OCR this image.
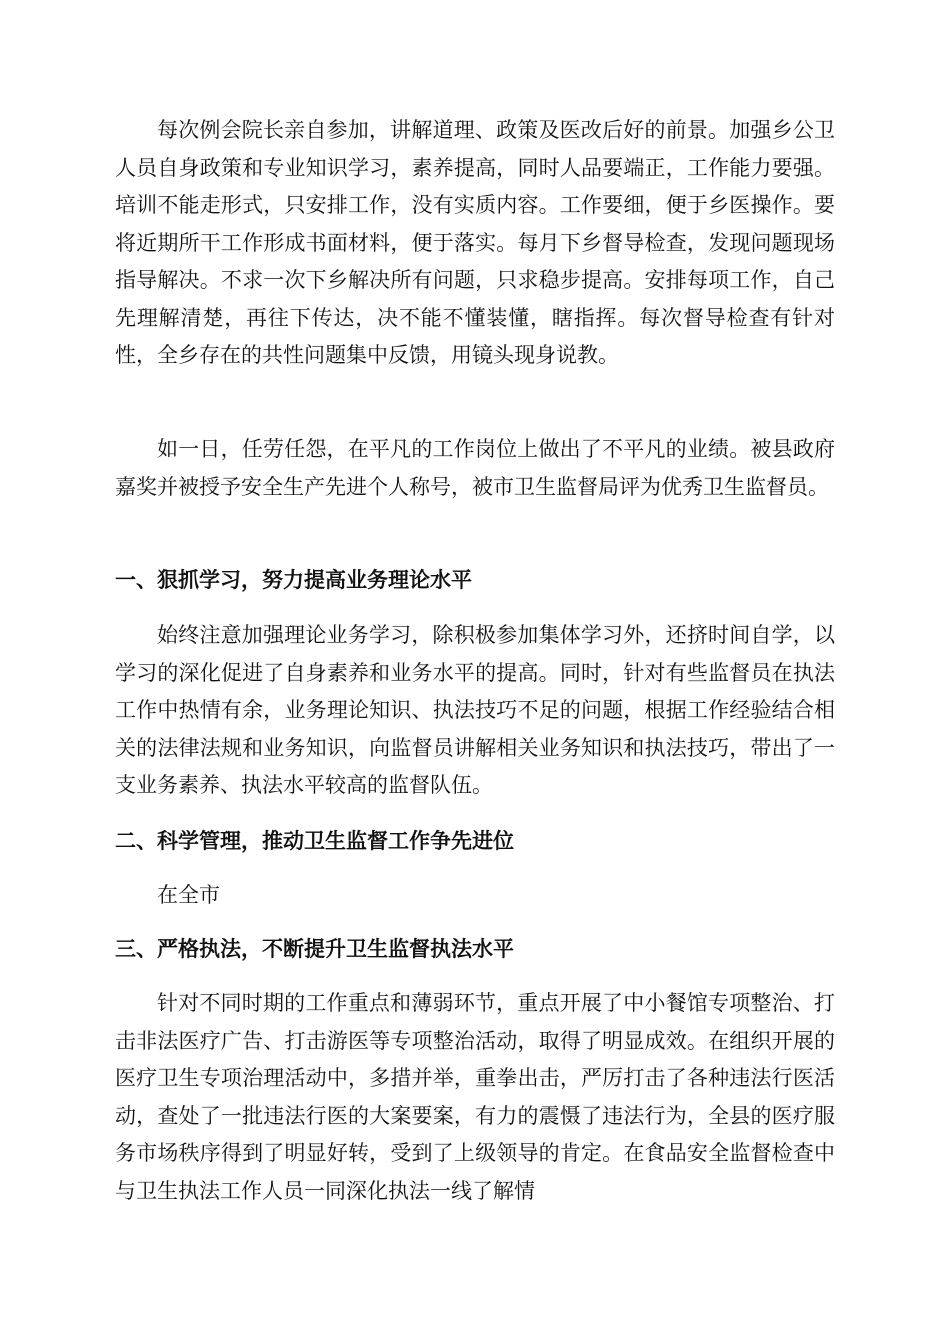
每次例会院长亲自参加，讲解道理、政策及医改后好的前景。加强乡公卫人员自身政策和专业知识学习，素养提高，同时人品要端正，工作能力要强。培训不能走形式，只安排工作，没有实质内容。工作要细，便于乡医操作。要将近期所干工作形成书面材料，便于落实。每月下乡督导检查，发现问题现场指导解决。不求一次下乡解决所有问题，只求稳步提高。安排每项工作，自己先理解清楚，再往下传达，决不能不懂装懂，瞎指挥。每次督导检查有针对性，全乡存在的共性问题集中反馈，用镜头现身说教。

如一日，任劳任怨，在平凡的工作岗位上做出了不平凡的业绩。被县政府嘉奖并被授予安全生产先进个人称号，被市卫生监督局评为优秀卫生监督员。

一、狠抓学习，努力提高业务理论水平

始终注意加强理论业务学习，除积极参加集体学习外，还挤时间自学，以学习的深化促进了自身素养和业务水平的提高。同时，针对有些监督员在执法工作中热情有余，业务理论知识、执法技巧不足的问题，根据工作经验结合相关的法律法规和业务知识，向监督员讲解相关业务知识和执法技巧，带出了一支业务素养、执法水平较高的监督队伍。

二、科学管理，推动卫生监督工作争先进位

在全市

三、严格执法，不断提升卫生监督执法水平

针对不同时期的工作重点和薄弱环节，重点开展了中小餐馆专项整治、打击非法医疗广告、打击游医等专项整治活动，取得了明显成效。在组织开展的医疗卫生专项治理活动中，多措并举，重拳出击，严厉打击了各种违法行医活动，查处了一批违法行医的大案要案，有力的震慑了违法行为，全县的医疗服务市场秩序得到了明显好转，受到了上级领导的肯定。在食品安全监督检查中与卫生执法工作人员一同深化执法一线了解情
